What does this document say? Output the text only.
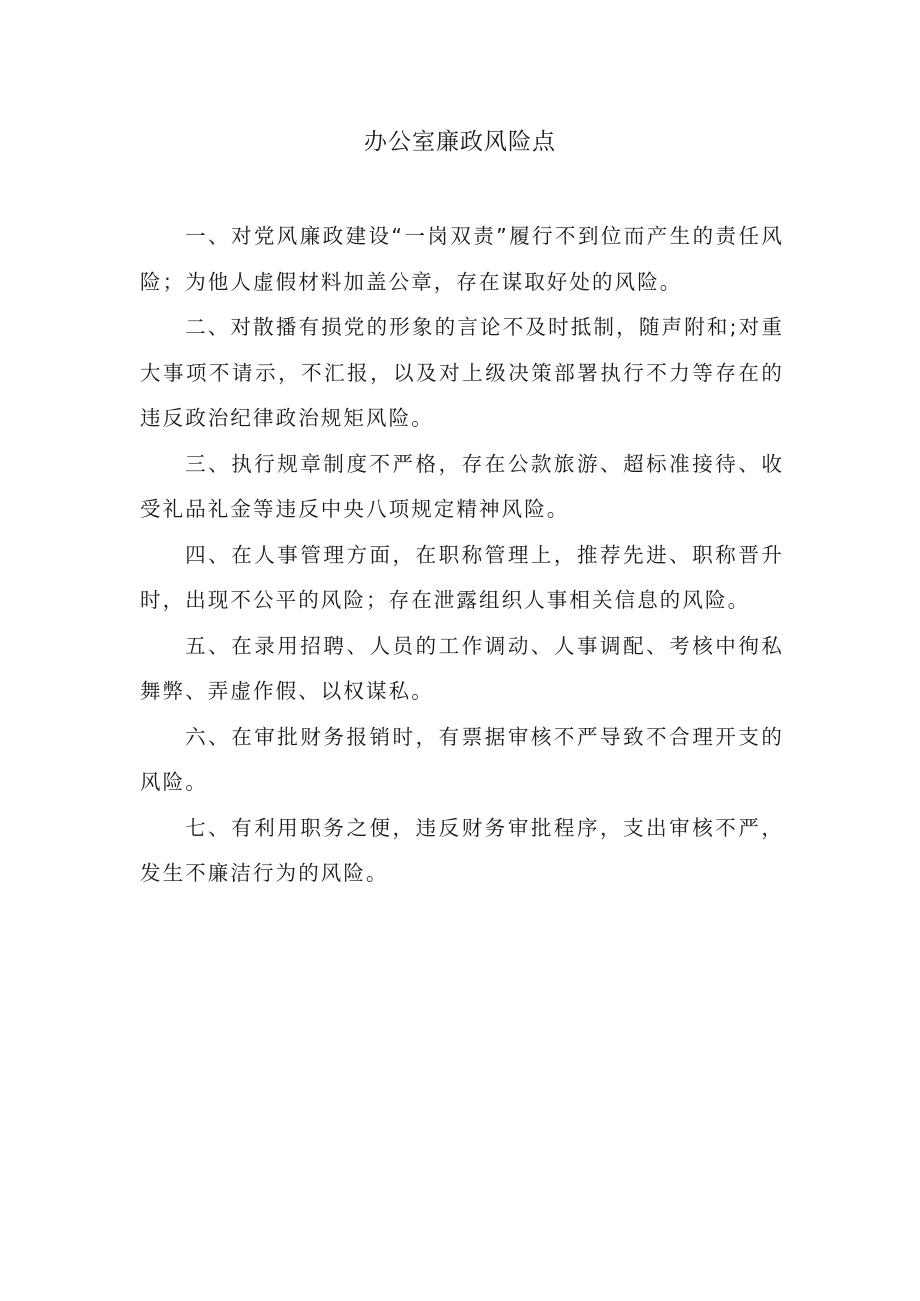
办公室廉政风险点

一、对党风廉政建设“一岗双责”履行不到位而产生的责任风险；为他人虚假材料加盖公章，存在谋取好处的风险。

二、对散播有损党的形象的言论不及时抵制，随声附和;对重大事项不请示，不汇报，以及对上级决策部署执行不力等存在的违反政治纪律政治规矩风险。

三、执行规章制度不严格，存在公款旅游、超标准接待、收受礼品礼金等违反中央八项规定精神风险。

四、在人事管理方面，在职称管理上，推荐先进、职称晋升时，出现不公平的风险；存在泄露组织人事相关信息的风险。

五、在录用招聘、人员的工作调动、人事调配、考核中徇私舞弊、弄虚作假、以权谋私。

六、在审批财务报销时，有票据审核不严导致不合理开支的风险。

七、有利用职务之便，违反财务审批程序，支出审核不严，发生不廉洁行为的风险。
